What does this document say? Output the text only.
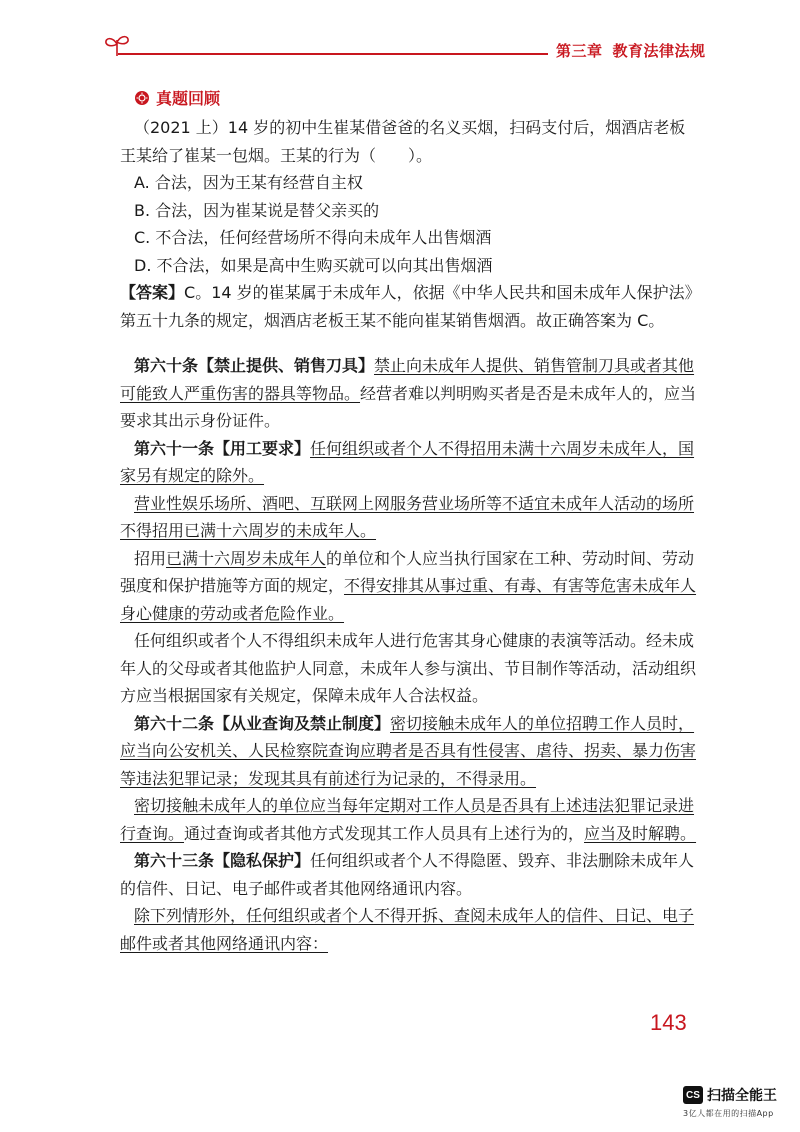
第三章 教育法律法规
真题回顾

（2021 上）14 岁的初中生崔某借爸爸的名义买烟，扫码支付后，烟酒店老板王某给了崔某一包烟。王某的行为（　　）。

A. 合法，因为王某有经营自主权

B. 合法，因为崔某说是替父亲买的

C. 不合法，任何经营场所不得向未成年人出售烟酒

D. 不合法，如果是高中生购买就可以向其出售烟酒

【答案】C。14 岁的崔某属于未成年人，依据《中华人民共和国未成年人保护法》第五十九条的规定，烟酒店老板王某不能向崔某销售烟酒。故正确答案为 C。

第六十条【禁止提供、销售刀具】禁止向未成年人提供、销售管制刀具或者其他可能致人严重伤害的器具等物品。经营者难以判明购买者是否是未成年人的，应当要求其出示身份证件。

第六十一条【用工要求】任何组织或者个人不得招用未满十六周岁未成年人，国家另有规定的除外。

营业性娱乐场所、酒吧、互联网上网服务营业场所等不适宜未成年人活动的场所不得招用已满十六周岁的未成年人。

招用已满十六周岁未成年人的单位和个人应当执行国家在工种、劳动时间、劳动强度和保护措施等方面的规定，不得安排其从事过重、有毒、有害等危害未成年人身心健康的劳动或者危险作业。

任何组织或者个人不得组织未成年人进行危害其身心健康的表演等活动。经未成年人的父母或者其他监护人同意，未成年人参与演出、节目制作等活动，活动组织方应当根据国家有关规定，保障未成年人合法权益。

第六十二条【从业查询及禁止制度】密切接触未成年人的单位招聘工作人员时，应当向公安机关、人民检察院查询应聘者是否具有性侵害、虐待、拐卖、暴力伤害等违法犯罪记录；发现其具有前述行为记录的，不得录用。

密切接触未成年人的单位应当每年定期对工作人员是否具有上述违法犯罪记录进行查询。通过查询或者其他方式发现其工作人员具有上述行为的，应当及时解聘。

第六十三条【隐私保护】任何组织或者个人不得隐匿、毁弃、非法删除未成年人的信件、日记、电子邮件或者其他网络通讯内容。

除下列情形外，任何组织或者个人不得开拆、查阅未成年人的信件、日记、电子邮件或者其他网络通讯内容：

143
CS 扫描全能王
3亿人都在用的扫描App
